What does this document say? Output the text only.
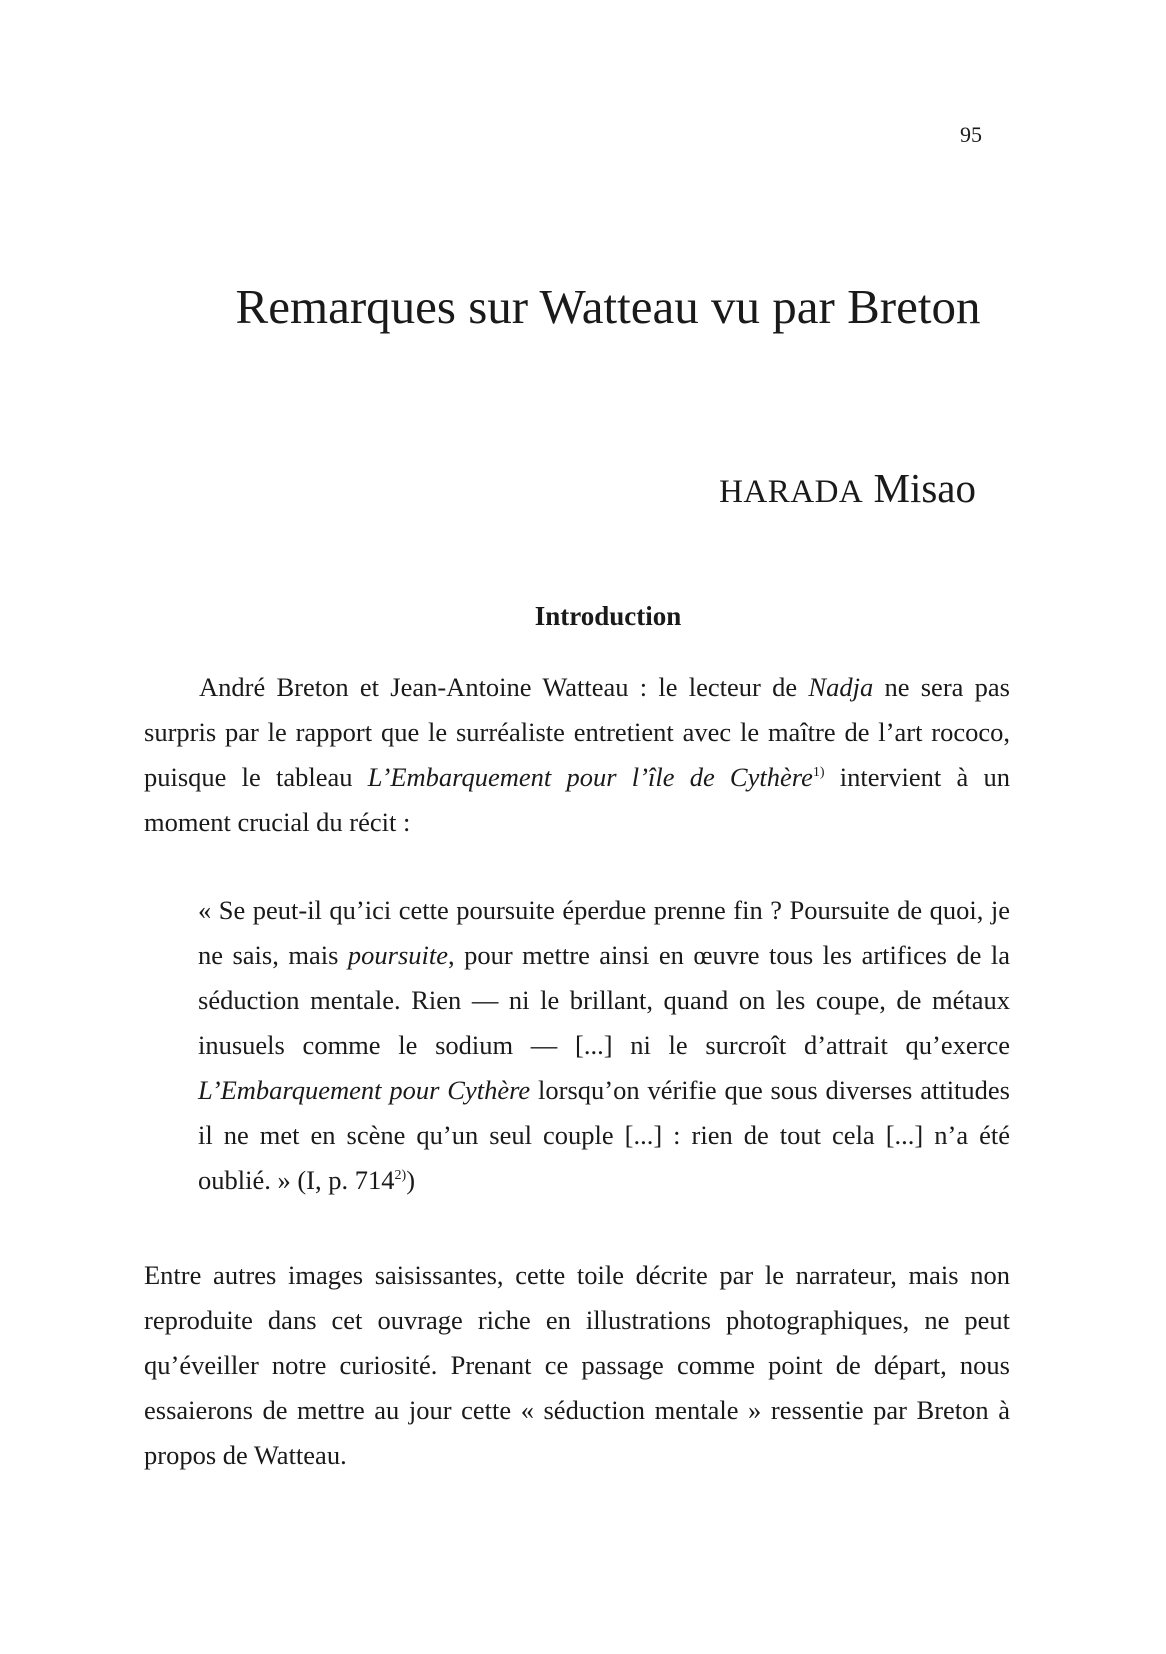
95
Remarques sur Watteau vu par Breton
HARADA Misao
Introduction

André Breton et Jean-Antoine Watteau : le lecteur de Nadja ne sera pas surpris par le rapport que le surréaliste entretient avec le maître de l’art rococo, puisque le tableau L’Embarquement pour l’île de Cythère$^{1)}$ intervient à un moment crucial du récit :

« Se peut-il qu’ici cette poursuite éperdue prenne fin ? Poursuite de quoi, je ne sais, mais poursuite, pour mettre ainsi en œuvre tous les artifices de la séduction mentale. Rien — ni le brillant, quand on les coupe, de métaux inusuels comme le sodium — [...] ni le surcroît d’attrait qu’exerce L’Embarquement pour Cythère lorsqu’on vérifie que sous diverses attitudes il ne met en scène qu’un seul couple [...] : rien de tout cela [...] n’a été oublié. » (I, p. 714$^{2)}$)

Entre autres images saisissantes, cette toile décrite par le narrateur, mais non reproduite dans cet ouvrage riche en illustrations photographiques, ne peut qu’éveiller notre curiosité. Prenant ce passage comme point de départ, nous essaierons de mettre au jour cette « séduction mentale » ressentie par Breton à propos de Watteau.
